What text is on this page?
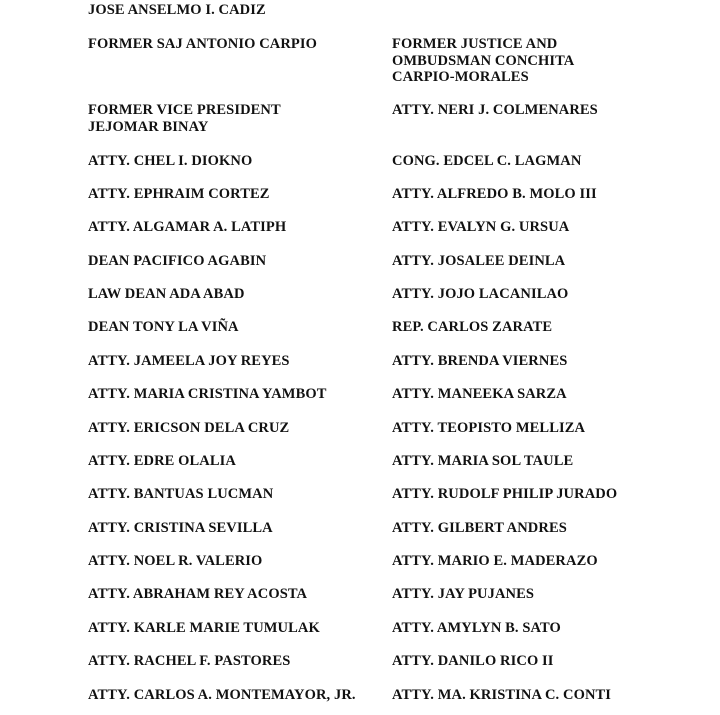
JOSE ANSELMO I. CADIZ
FORMER SAJ ANTONIO CARPIO
FORMER VICE PRESIDENT
JEJOMAR BINAY
ATTY. CHEL I. DIOKNO
ATTY. EPHRAIM CORTEZ
ATTY. ALGAMAR A. LATIPH
DEAN PACIFICO AGABIN
LAW DEAN ADA ABAD
DEAN TONY LA VIÑA
ATTY. JAMEELA JOY REYES
ATTY. MARIA CRISTINA YAMBOT
ATTY. ERICSON DELA CRUZ
ATTY. EDRE OLALIA
ATTY. BANTUAS LUCMAN
ATTY. CRISTINA SEVILLA
ATTY. NOEL R. VALERIO
ATTY. ABRAHAM REY ACOSTA
ATTY. KARLE MARIE TUMULAK
ATTY. RACHEL F. PASTORES
ATTY. CARLOS A. MONTEMAYOR, JR.
FORMER JUSTICE AND
OMBUDSMAN CONCHITA
CARPIO-MORALES
ATTY. NERI J. COLMENARES
CONG. EDCEL C. LAGMAN
ATTY. ALFREDO B. MOLO III
ATTY. EVALYN G. URSUA
ATTY. JOSALEE DEINLA
ATTY. JOJO LACANILAO
REP. CARLOS ZARATE
ATTY. BRENDA VIERNES
ATTY. MANEEKA SARZA
ATTY. TEOPISTO MELLIZA
ATTY. MARIA SOL TAULE
ATTY. RUDOLF PHILIP JURADO
ATTY. GILBERT ANDRES
ATTY. MARIO E. MADERAZO
ATTY. JAY PUJANES
ATTY. AMYLYN B. SATO
ATTY. DANILO RICO II
ATTY. MA. KRISTINA C. CONTI
